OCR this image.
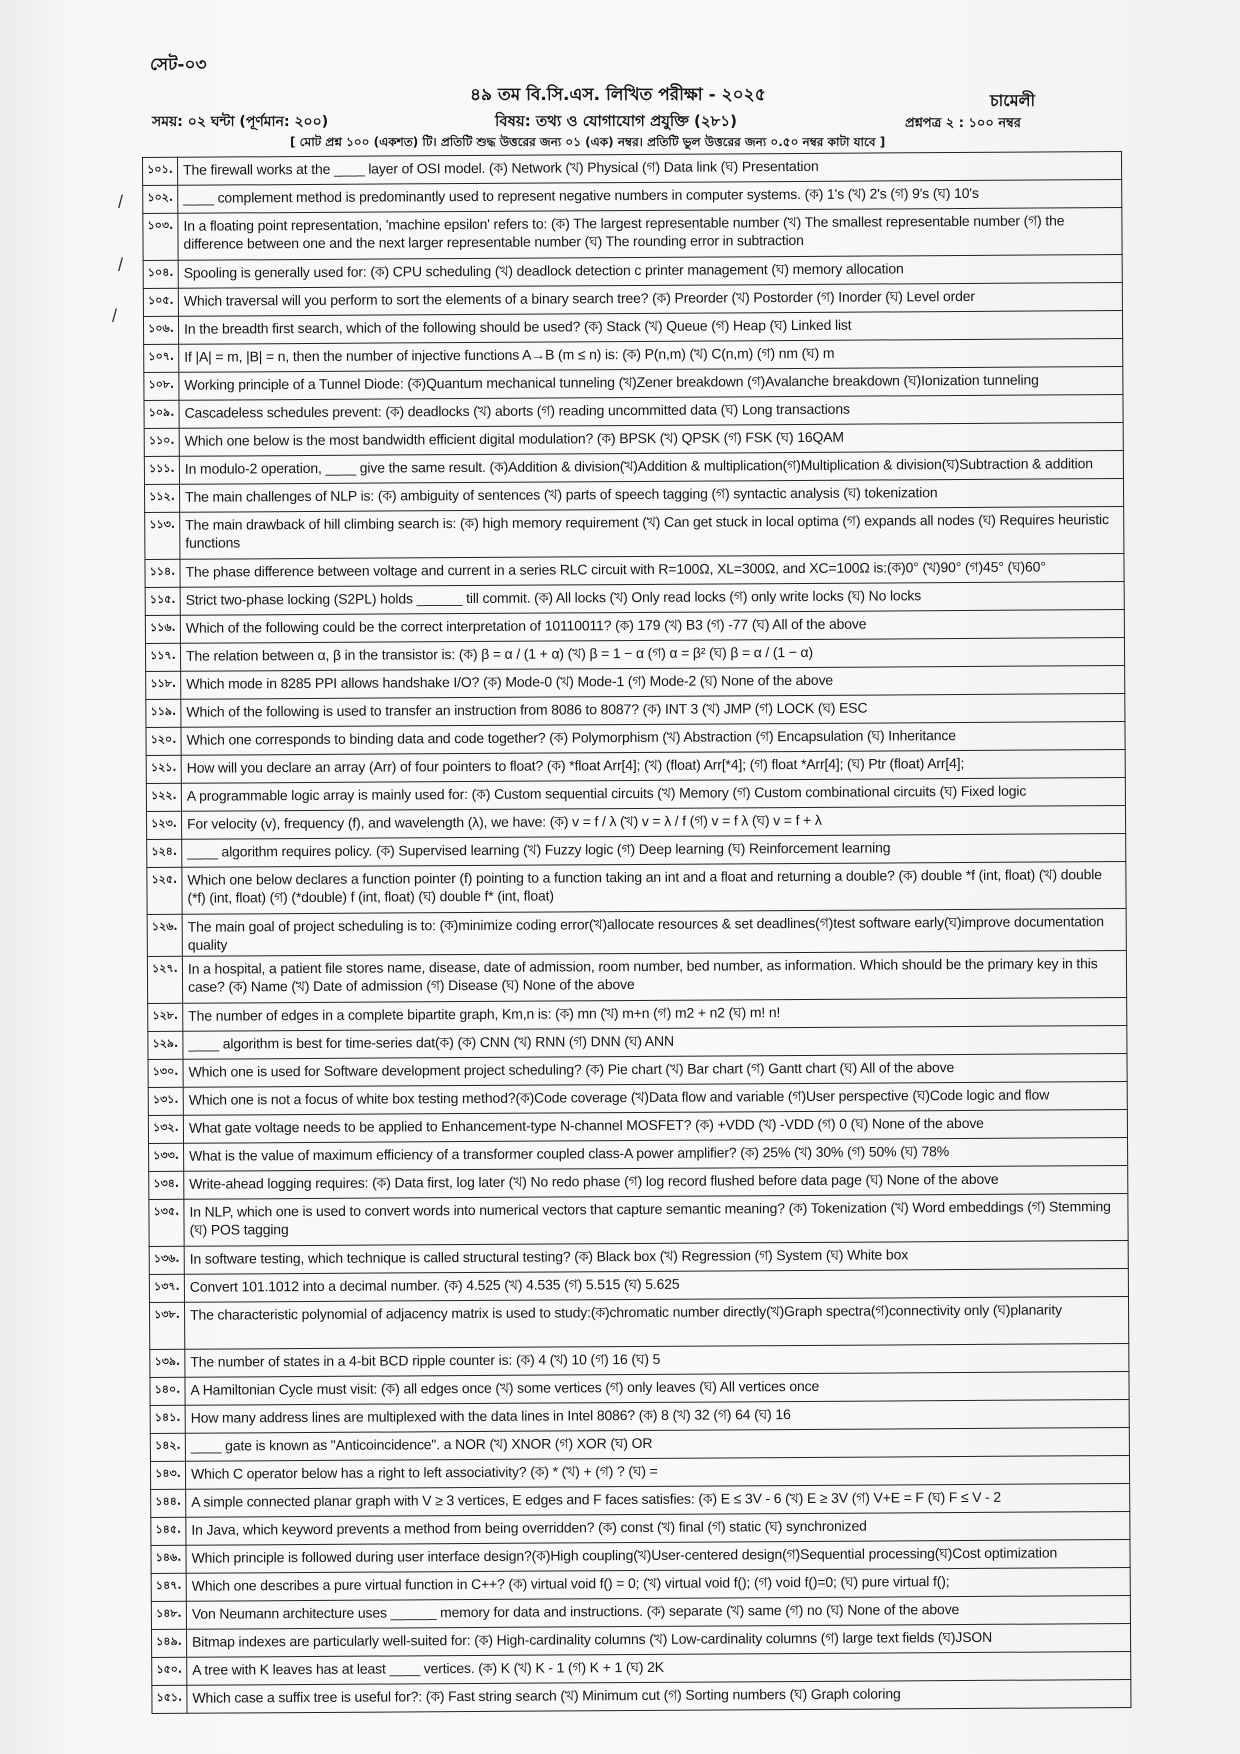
সেট-০৩
৪৯ তম বি.সি.এস. লিখিত পরীক্ষা - ২০২৫	চামেলী
সময়: ০২ ঘন্টা (পূর্ণমান: ২০০)	বিষয়: তথ্য ও যোগাযোগ প্রযুক্তি (২৮১)	প্রশ্নপত্র ২ : ১০০ নম্বর
[ মোট প্রশ্ন ১০০ (একশত) টি। প্রতিটি শুদ্ধ উত্তরের জন্য ০১ (এক) নম্বর। প্রতিটি ভুল উত্তরের জন্য ০.৫০ নম্বর কাটা যাবে ]
১০১.	The firewall works at the ____ layer of OSI model. (ক) Network (খ) Physical (গ) Data link (ঘ) Presentation
১০২.	____ complement method is predominantly used to represent negative numbers in computer systems. (ক) 1's (খ) 2's (গ) 9's (ঘ) 10's
১০৩.	In a floating point representation, 'machine epsilon' refers to: (ক) The largest representable number (খ) The smallest representable number (গ) the difference between one and the next larger representable number (ঘ) The rounding error in subtraction
১০৪.	Spooling is generally used for: (ক) CPU scheduling (খ) deadlock detection c printer management (ঘ) memory allocation
১০৫.	Which traversal will you perform to sort the elements of a binary search tree? (ক) Preorder (খ) Postorder (গ) Inorder (ঘ) Level order
১০৬.	In the breadth first search, which of the following should be used? (ক) Stack (খ) Queue (গ) Heap (ঘ) Linked list
১০৭.	If |A| = m, |B| = n, then the number of injective functions A→B (m ≤ n) is: (ক) P(n,m) (খ) C(n,m) (গ) nm (ঘ) m
১০৮.	Working principle of a Tunnel Diode: (ক)Quantum mechanical tunneling (খ)Zener breakdown (গ)Avalanche breakdown (ঘ)Ionization tunneling
১০৯.	Cascadeless schedules prevent: (ক) deadlocks (খ) aborts (গ) reading uncommitted data (ঘ) Long transactions
১১০.	Which one below is the most bandwidth efficient digital modulation? (ক) BPSK (খ) QPSK (গ) FSK (ঘ) 16QAM
১১১.	In modulo-2 operation, ____ give the same result. (ক)Addition & division(খ)Addition & multiplication(গ)Multiplication & division(ঘ)Subtraction & addition
১১২.	The main challenges of NLP is: (ক) ambiguity of sentences (খ) parts of speech tagging (গ) syntactic analysis (ঘ) tokenization
১১৩.	The main drawback of hill climbing search is: (ক) high memory requirement (খ) Can get stuck in local optima (গ) expands all nodes (ঘ) Requires heuristic functions
১১৪.	The phase difference between voltage and current in a series RLC circuit with R=100Ω, XL=300Ω, and XC=100Ω is:(ক)0° (খ)90° (গ)45° (ঘ)60°
১১৫.	Strict two-phase locking (S2PL) holds ______ till commit. (ক) All locks (খ) Only read locks (গ) only write locks (ঘ) No locks
১১৬.	Which of the following could be the correct interpretation of 10110011? (ক) 179 (খ) B3 (গ) -77 (ঘ) All of the above
১১৭.	The relation between α, β in the transistor is: (ক) β = α / (1 + α) (খ) β = 1 − α (গ) α = β² (ঘ) β = α / (1 − α)
১১৮.	Which mode in 8285 PPI allows handshake I/O? (ক) Mode-0 (খ) Mode-1 (গ) Mode-2 (ঘ) None of the above
১১৯.	Which of the following is used to transfer an instruction from 8086 to 8087? (ক) INT 3 (খ) JMP (গ) LOCK (ঘ) ESC
১২০.	Which one corresponds to binding data and code together? (ক) Polymorphism (খ) Abstraction (গ) Encapsulation (ঘ) Inheritance
১২১.	How will you declare an array (Arr) of four pointers to float? (ক) *float Arr[4]; (খ) (float) Arr[*4]; (গ) float *Arr[4]; (ঘ) Ptr (float) Arr[4];
১২২.	A programmable logic array is mainly used for: (ক) Custom sequential circuits (খ) Memory (গ) Custom combinational circuits (ঘ) Fixed logic
১২৩.	For velocity (v), frequency (f), and wavelength (λ), we have: (ক) v = f / λ (খ) v = λ / f (গ) v = f λ (ঘ) v = f + λ
১২৪.	____ algorithm requires policy. (ক) Supervised learning (খ) Fuzzy logic (গ) Deep learning (ঘ) Reinforcement learning
১২৫.	Which one below declares a function pointer (f) pointing to a function taking an int and a float and returning a double? (ক) double *f (int, float) (খ) double (*f) (int, float) (গ) (*double) f (int, float) (ঘ) double f* (int, float)
১২৬.	The main goal of project scheduling is to: (ক)minimize coding error(খ)allocate resources & set deadlines(গ)test software early(ঘ)improve documentation quality
১২৭.	In a hospital, a patient file stores name, disease, date of admission, room number, bed number, as information. Which should be the primary key in this case? (ক) Name (খ) Date of admission (গ) Disease (ঘ) None of the above
১২৮.	The number of edges in a complete bipartite graph, Km,n is: (ক) mn (খ) m+n (গ) m2 + n2 (ঘ) m! n!
১২৯.	____ algorithm is best for time-series dat(ক) (ক) CNN (খ) RNN (গ) DNN (ঘ) ANN
১৩০.	Which one is used for Software development project scheduling? (ক) Pie chart (খ) Bar chart (গ) Gantt chart (ঘ) All of the above
১৩১.	Which one is not a focus of white box testing method?(ক)Code coverage (খ)Data flow and variable (গ)User perspective (ঘ)Code logic and flow
১৩২.	What gate voltage needs to be applied to Enhancement-type N-channel MOSFET? (ক) +VDD (খ) -VDD (গ) 0 (ঘ) None of the above
১৩৩.	What is the value of maximum efficiency of a transformer coupled class-A power amplifier? (ক) 25% (খ) 30% (গ) 50% (ঘ) 78%
১৩৪.	Write-ahead logging requires: (ক) Data first, log later (খ) No redo phase (গ) log record flushed before data page (ঘ) None of the above
১৩৫.	In NLP, which one is used to convert words into numerical vectors that capture semantic meaning? (ক) Tokenization (খ) Word embeddings (গ) Stemming (ঘ) POS tagging
১৩৬.	In software testing, which technique is called structural testing? (ক) Black box (খ) Regression (গ) System (ঘ) White box
১৩৭.	Convert 101.1012 into a decimal number. (ক) 4.525 (খ) 4.535 (গ) 5.515 (ঘ) 5.625
১৩৮.	The characteristic polynomial of adjacency matrix is used to study:(ক)chromatic number directly(খ)Graph spectra(গ)connectivity only (ঘ)planarity
১৩৯.	The number of states in a 4-bit BCD ripple counter is: (ক) 4 (খ) 10 (গ) 16 (ঘ) 5
১৪০.	A Hamiltonian Cycle must visit: (ক) all edges once (খ) some vertices (গ) only leaves (ঘ) All vertices once
১৪১.	How many address lines are multiplexed with the data lines in Intel 8086? (ক) 8 (খ) 32 (গ) 64 (ঘ) 16
১৪২.	____ gate is known as "Anticoincidence". a NOR (খ) XNOR (গ) XOR (ঘ) OR
১৪৩.	Which C operator below has a right to left associativity? (ক) * (খ) + (গ) ? (ঘ) =
১৪৪.	A simple connected planar graph with V ≥ 3 vertices, E edges and F faces satisfies: (ক) E ≤ 3V - 6 (খ) E ≥ 3V (গ) V+E = F (ঘ) F ≤ V - 2
১৪৫.	In Java, which keyword prevents a method from being overridden? (ক) const (খ) final (গ) static (ঘ) synchronized
১৪৬.	Which principle is followed during user interface design?(ক)High coupling(খ)User-centered design(গ)Sequential processing(ঘ)Cost optimization
১৪৭.	Which one describes a pure virtual function in C++? (ক) virtual void f() = 0; (খ) virtual void f(); (গ) void f()=0; (ঘ) pure virtual f();
১৪৮.	Von Neumann architecture uses ______ memory for data and instructions. (ক) separate (খ) same (গ) no (ঘ) None of the above
১৪৯.	Bitmap indexes are particularly well-suited for: (ক) High-cardinality columns (খ) Low-cardinality columns (গ) large text fields (ঘ)JSON
১৫০.	A tree with K leaves has at least ____ vertices. (ক) K (খ) K - 1 (গ) K + 1 (ঘ) 2K
১৫১.	Which case a suffix tree is useful for?: (ক) Fast string search (খ) Minimum cut (গ) Sorting numbers (ঘ) Graph coloring
/
/
/
